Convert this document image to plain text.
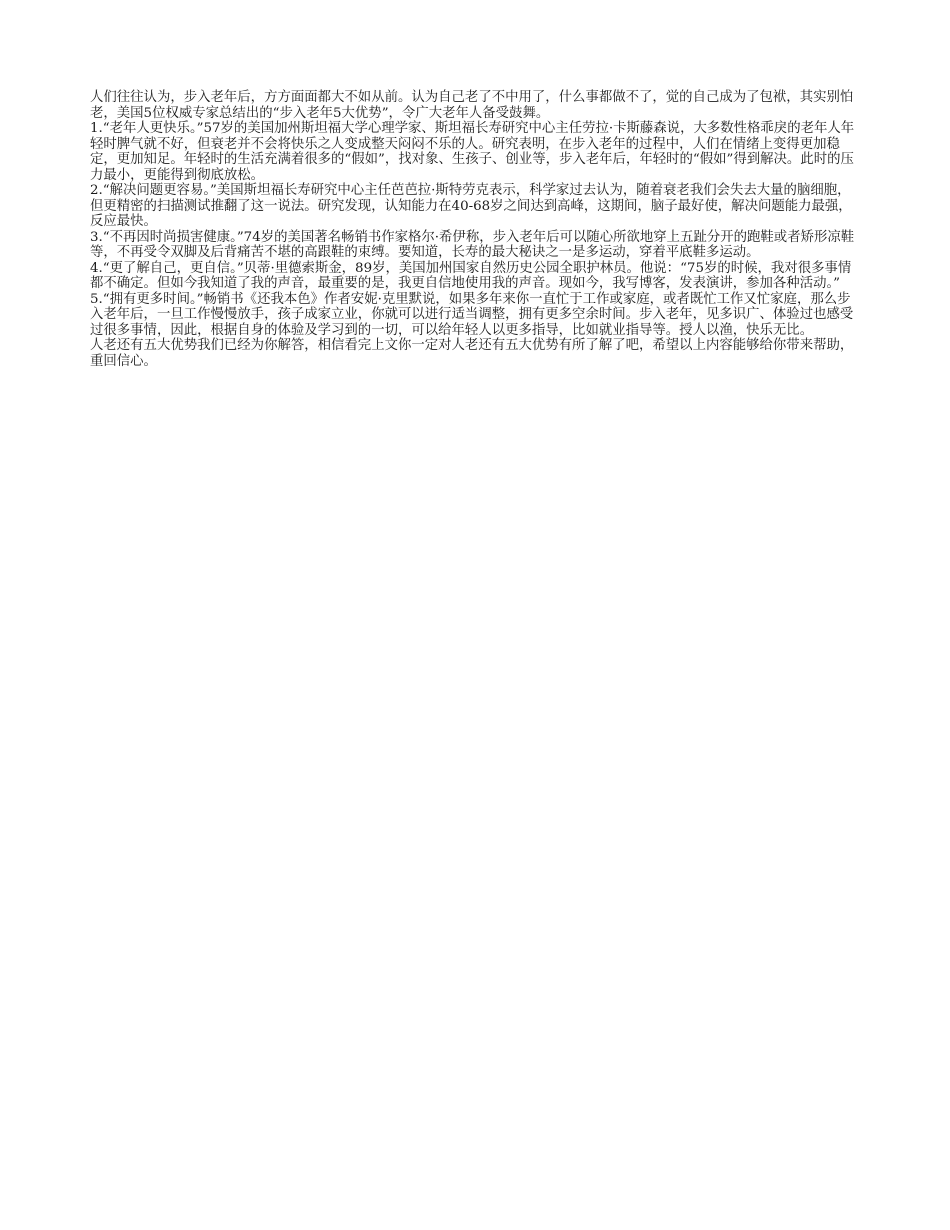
人们往往认为，步入老年后，方方面面都大不如从前。认为自己老了不中用了，什么事都做不了，觉的自己成为了包袱，其实别怕老，美国5位权威专家总结出的“步入老年5大优势”，令广大老年人备受鼓舞。

1.“老年人更快乐。”57岁的美国加州斯坦福大学心理学家、斯坦福长寿研究中心主任劳拉·卡斯藤森说，大多数性格乖戾的老年人年轻时脾气就不好，但衰老并不会将快乐之人变成整天闷闷不乐的人。研究表明，在步入老年的过程中，人们在情绪上变得更加稳定，更加知足。年轻时的生活充满着很多的“假如”，找对象、生孩子、创业等，步入老年后，年轻时的“假如”得到解决。此时的压力最小，更能得到彻底放松。

2.“解决问题更容易。”美国斯坦福长寿研究中心主任芭芭拉·斯特劳克表示，科学家过去认为，随着衰老我们会失去大量的脑细胞，但更精密的扫描测试推翻了这一说法。研究发现，认知能力在40-68岁之间达到高峰，这期间，脑子最好使，解决问题能力最强，反应最快。

3.“不再因时尚损害健康。”74岁的美国著名畅销书作家格尔·希伊称，步入老年后可以随心所欲地穿上五趾分开的跑鞋或者矫形凉鞋等，不再受令双脚及后背痛苦不堪的高跟鞋的束缚。要知道，长寿的最大秘诀之一是多运动，穿着平底鞋多运动。

4.“更了解自己，更自信。”贝蒂·里德索斯金，89岁，美国加州国家自然历史公园全职护林员。他说：“75岁的时候，我对很多事情都不确定。但如今我知道了我的声音，最重要的是，我更自信地使用我的声音。现如今，我写博客，发表演讲，参加各种活动。”

5.“拥有更多时间。”畅销书《还我本色》作者安妮·克里默说，如果多年来你一直忙于工作或家庭，或者既忙工作又忙家庭，那么步入老年后，一旦工作慢慢放手，孩子成家立业，你就可以进行适当调整，拥有更多空余时间。步入老年，见多识广、体验过也感受过很多事情，因此，根据自身的体验及学习到的一切，可以给年轻人以更多指导，比如就业指导等。授人以渔，快乐无比。

人老还有五大优势我们已经为你解答，相信看完上文你一定对人老还有五大优势有所了解了吧，希望以上内容能够给你带来帮助，重回信心。
